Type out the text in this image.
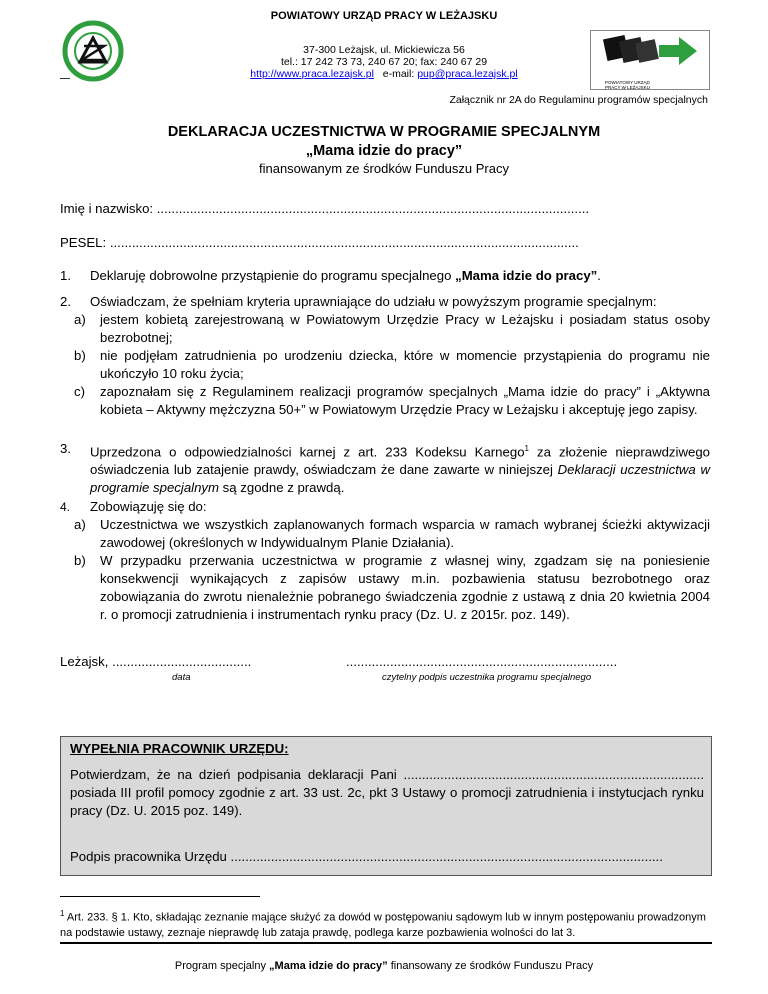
POWIATOWY URZĄD PRACY W LEŻAJSKU
37-300 Leżajsk, ul. Mickiewicza 56
tel.: 17 242 73 73, 240 67 20; fax: 240 67 29
http://www.praca.lezajsk.pl e-mail: pup@praca.lezajsk.pl
POWIATOWY URZĄD PRACY W LEŻAJSKU
Załącznik nr 2A do Regulaminu programów specjalnych
DEKLARACJA UCZESTNICTWA W PROGRAMIE SPECJALNYM
„Mama idzie do pracy”
finansowanym ze środków Funduszu Pracy
Imię i nazwisko: ......................................................................................................................
PESEL: ................................................................................................................................
1. Deklaruję dobrowolne przystąpienie do programu specjalnego „Mama idzie do pracy”.
2. Oświadczam, że spełniam kryteria uprawniające do udziału w powyższym programie specjalnym:
a) jestem kobietą zarejestrowaną w Powiatowym Urzędzie Pracy w Leżajsku i posiadam status osoby bezrobotnej;
b) nie podjęłam zatrudnienia po urodzeniu dziecka, które w momencie przystąpienia do programu nie ukończyło 10 roku życia;
c) zapoznałam się z Regulaminem realizacji programów specjalnych „Mama idzie do pracy” i „Aktywna kobieta – Aktywny mężczyzna 50+” w Powiatowym Urzędzie Pracy w Leżajsku i akceptuję jego zapisy.
3. Uprzedzona o odpowiedzialności karnej z art. 233 Kodeksu Karnego$^1$ za złożenie nieprawdziwego oświadczenia lub zatajenie prawdy, oświadczam że dane zawarte w niniejszej Deklaracji uczestnictwa w programie specjalnym są zgodne z prawdą.
4. Zobowiązuję się do:
a) Uczestnictwa we wszystkich zaplanowanych formach wsparcia w ramach wybranej ścieżki aktywizacji zawodowej (określonych w Indywidualnym Planie Działania).
b) W przypadku przerwania uczestnictwa w programie z własnej winy, zgadzam się na poniesienie konsekwencji wynikających z zapisów ustawy m.in. pozbawienia statusu bezrobotnego oraz zobowiązania do zwrotu nienależnie pobranego świadczenia zgodnie z ustawą z dnia 20 kwietnia 2004 r. o promocji zatrudnienia i instrumentach rynku pracy (Dz. U. z 2015r. poz. 149).
Leżajsk, ......................................
data
..........................................................................
czytelny podpis uczestnika programu specjalnego
WYPEŁNIA PRACOWNIK URZĘDU:
Potwierdzam, że na dzień podpisania deklaracji Pani .................................................................................. posiada III profil pomocy zgodnie z art. 33 ust. 2c, pkt 3 Ustawy o promocji zatrudnienia i instytucjach rynku pracy (Dz. U. 2015 poz. 149).
Podpis pracownika Urzędu ......................................................................................................................
$^1$ Art. 233. § 1. Kto, składając zeznanie mające służyć za dowód w postępowaniu sądowym lub w innym postępowaniu prowadzonym na podstawie ustawy, zeznaje nieprawdę lub zataja prawdę, podlega karze pozbawienia wolności do lat 3.
Program specjalny „Mama idzie do pracy” finansowany ze środków Funduszu Pracy
